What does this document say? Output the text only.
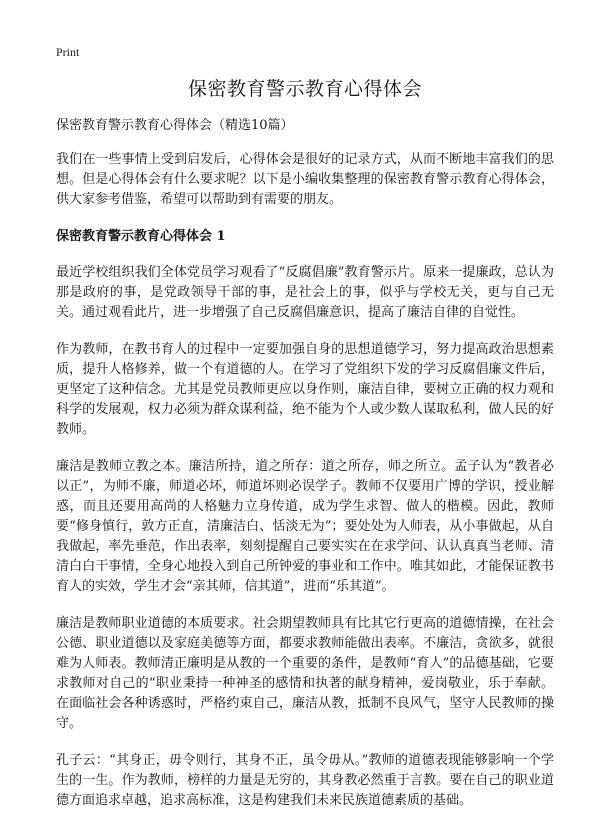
Print
保密教育警示教育心得体会

保密教育警示教育心得体会（精选10篇）

我们在一些事情上受到启发后，心得体会是很好的记录方式，从而不断地丰富我们的思想。但是心得体会有什么要求呢？以下是小编收集整理的保密教育警示教育心得体会，供大家参考借鉴，希望可以帮助到有需要的朋友。

保密教育警示教育心得体会 1

最近学校组织我们全体党员学习观看了“反腐倡廉”教育警示片。原来一提廉政，总认为那是政府的事，是党政领导干部的事，是社会上的事，似乎与学校无关，更与自己无关。通过观看此片，进一步增强了自己反腐倡廉意识，提高了廉洁自律的自觉性。

作为教师，在教书育人的过程中一定要加强自身的思想道德学习，努力提高政治思想素质，提升人格修养，做一个有道德的人。在学习了党组织下发的学习反腐倡廉文件后，更坚定了这种信念。尤其是党员教师更应以身作则，廉洁自律，要树立正确的权力观和科学的发展观，权力必须为群众谋利益，绝不能为个人或少数人谋取私利，做人民的好教师。

廉洁是教师立教之本。廉洁所持，道之所存：道之所存，师之所立。孟子认为“教者必以正”，为师不廉，师道必坏，师道坏则必误学子。教师不仅要用广博的学识，授业解惑，而且还要用高尚的人格魅力立身传道，成为学生求智、做人的楷模。因此，教师要“修身慎行，敦方正直，清廉洁白、恬淡无为”；要处处为人师表，从小事做起，从自我做起，率先垂范，作出表率，刻刻提醒自己要实实在在求学问、认认真真当老师、清清白白干事情，全身心地投入到自己所钟爱的事业和工作中。唯其如此，才能保证教书育人的实效，学生才会“亲其师，信其道”，进而“乐其道”。

廉洁是教师职业道德的本质要求。社会期望教师具有比其它行更高的道德情操，在社会公德、职业道德以及家庭美德等方面，都要求教师能做出表率。不廉洁，贪欲多，就很难为人师表。教师清正廉明是从教的一个重要的条件，是教师“育人”的品德基础，它要求教师对自己的“职业秉持一种神圣的感情和执著的献身精神，爱岗敬业，乐于奉献。在面临社会各种诱惑时，严格约束自己，廉洁从教，抵制不良风气，坚守人民教师的操守。

孔子云：“其身正，毋令则行，其身不正，虽令毋从。”教师的道德表现能够影响一个学生的一生。作为教师，榜样的力量是无穷的，其身教必然重于言教。要在自己的职业道德方面追求卓越，追求高标准，这是构建我们未来民族道德素质的基础。
